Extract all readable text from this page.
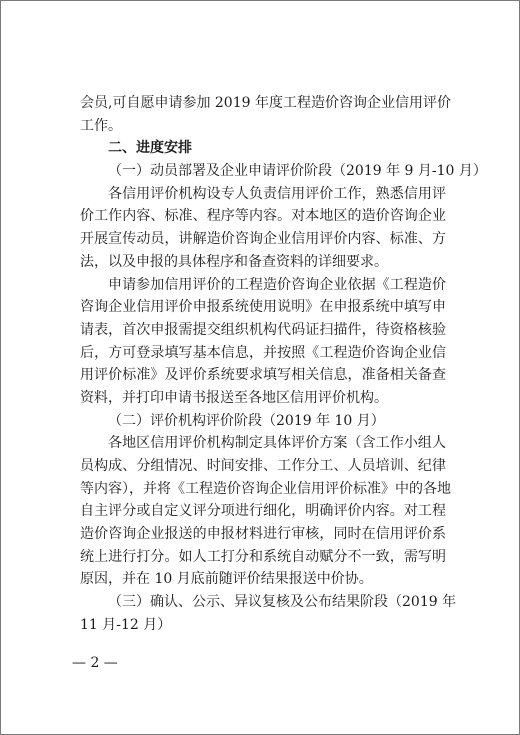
会员,可自愿申请参加 2019 年度工程造价咨询企业信用评价
工作。
二、进度安排
（一）动员部署及企业申请评价阶段（2019 年 9 月-10 月）
各信用评价机构设专人负责信用评价工作，熟悉信用评
价工作内容、标准、程序等内容。对本地区的造价咨询企业
开展宣传动员，讲解造价咨询企业信用评价内容、标准、方
法，以及申报的具体程序和备查资料的详细要求。
申请参加信用评价的工程造价咨询企业依据《工程造价
咨询企业信用评价申报系统使用说明》在申报系统中填写申
请表，首次申报需提交组织机构代码证扫描件，待资格核验
后，方可登录填写基本信息，并按照《工程造价咨询企业信
用评价标准》及评价系统要求填写相关信息，准备相关备查
资料，并打印申请书报送至各地区信用评价机构。
（二）评价机构评价阶段（2019 年 10 月）
各地区信用评价机构制定具体评价方案（含工作小组人
员构成、分组情况、时间安排、工作分工、人员培训、纪律
等内容），并将《工程造价咨询企业信用评价标准》中的各地
自主评分或自定义评分项进行细化，明确评价内容。对工程
造价咨询企业报送的申报材料进行审核，同时在信用评价系
统上进行打分。如人工打分和系统自动赋分不一致，需写明
原因，并在 10 月底前随评价结果报送中价协。
（三）确认、公示、异议复核及公布结果阶段（2019 年
11 月-12 月）
— 2 —
